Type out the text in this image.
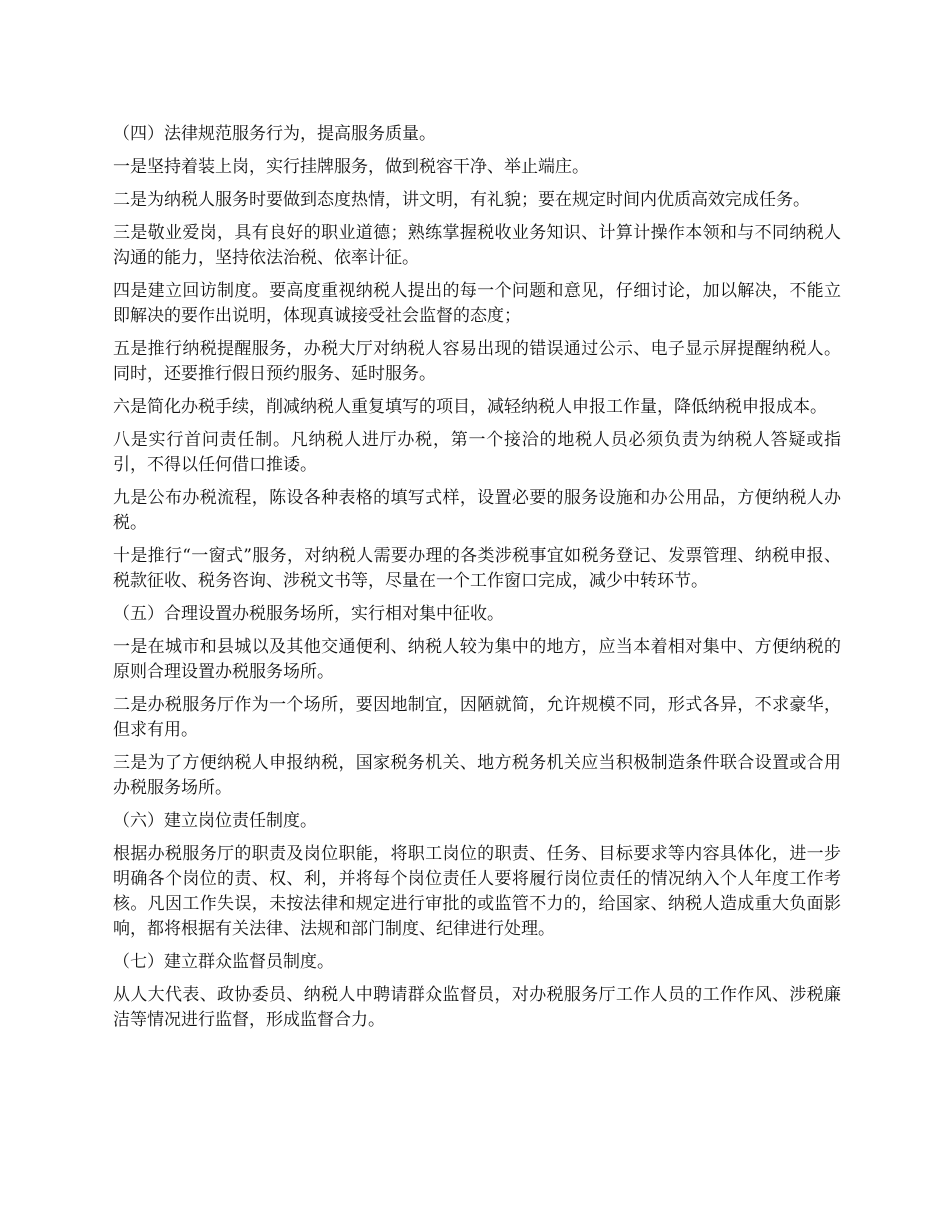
（四）法律规范服务行为，提高服务质量。

一是坚持着装上岗，实行挂牌服务，做到税容干净、举止端庄。

二是为纳税人服务时要做到态度热情，讲文明，有礼貌；要在规定时间内优质高效完成任务。

三是敬业爱岗，具有良好的职业道德；熟练掌握税收业务知识、计算计操作本领和与不同纳税人沟通的能力，坚持依法治税、依率计征。

四是建立回访制度。要高度重视纳税人提出的每一个问题和意见，仔细讨论，加以解决，不能立即解决的要作出说明，体现真诚接受社会监督的态度；

五是推行纳税提醒服务，办税大厅对纳税人容易出现的错误通过公示、电子显示屏提醒纳税人。同时，还要推行假日预约服务、延时服务。

六是简化办税手续，削减纳税人重复填写的项目，减轻纳税人申报工作量，降低纳税申报成本。

八是实行首问责任制。凡纳税人进厅办税，第一个接洽的地税人员必须负责为纳税人答疑或指引，不得以任何借口推诿。

九是公布办税流程，陈设各种表格的填写式样，设置必要的服务设施和办公用品，方便纳税人办税。

十是推行“一窗式”服务，对纳税人需要办理的各类涉税事宜如税务登记、发票管理、纳税申报、税款征收、税务咨询、涉税文书等，尽量在一个工作窗口完成，减少中转环节。

（五）合理设置办税服务场所，实行相对集中征收。

一是在城市和县城以及其他交通便利、纳税人较为集中的地方，应当本着相对集中、方便纳税的原则合理设置办税服务场所。

二是办税服务厅作为一个场所，要因地制宜，因陋就简，允许规模不同，形式各异，不求豪华，但求有用。

三是为了方便纳税人申报纳税，国家税务机关、地方税务机关应当积极制造条件联合设置或合用办税服务场所。

（六）建立岗位责任制度。

根据办税服务厅的职责及岗位职能，将职工岗位的职责、任务、目标要求等内容具体化，进一步明确各个岗位的责、权、利，并将每个岗位责任人要将履行岗位责任的情况纳入个人年度工作考核。凡因工作失误，未按法律和规定进行审批的或监管不力的，给国家、纳税人造成重大负面影响，都将根据有关法律、法规和部门制度、纪律进行处理。

（七）建立群众监督员制度。

从人大代表、政协委员、纳税人中聘请群众监督员，对办税服务厅工作人员的工作作风、涉税廉洁等情况进行监督，形成监督合力。
